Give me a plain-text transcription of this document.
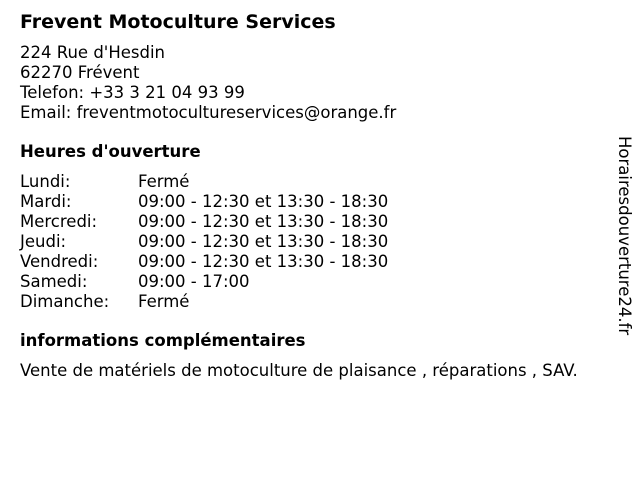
Frevent Motoculture Services
224 Rue d'Hesdin
62270 Frévent
Telefon: +33 3 21 04 93 99
Email: freventmotocultureservices@orange.fr
Heures d'ouverture
Lundi:	Fermé
Mardi:	09:00 - 12:30 et 13:30 - 18:30
Mercredi:	09:00 - 12:30 et 13:30 - 18:30
Jeudi:	09:00 - 12:30 et 13:30 - 18:30
Vendredi:	09:00 - 12:30 et 13:30 - 18:30
Samedi:	09:00 - 17:00
Dimanche:	Fermé
informations complémentaires
Vente de matériels de motoculture de plaisance , réparations , SAV.
Horairesdouverture24.fr
